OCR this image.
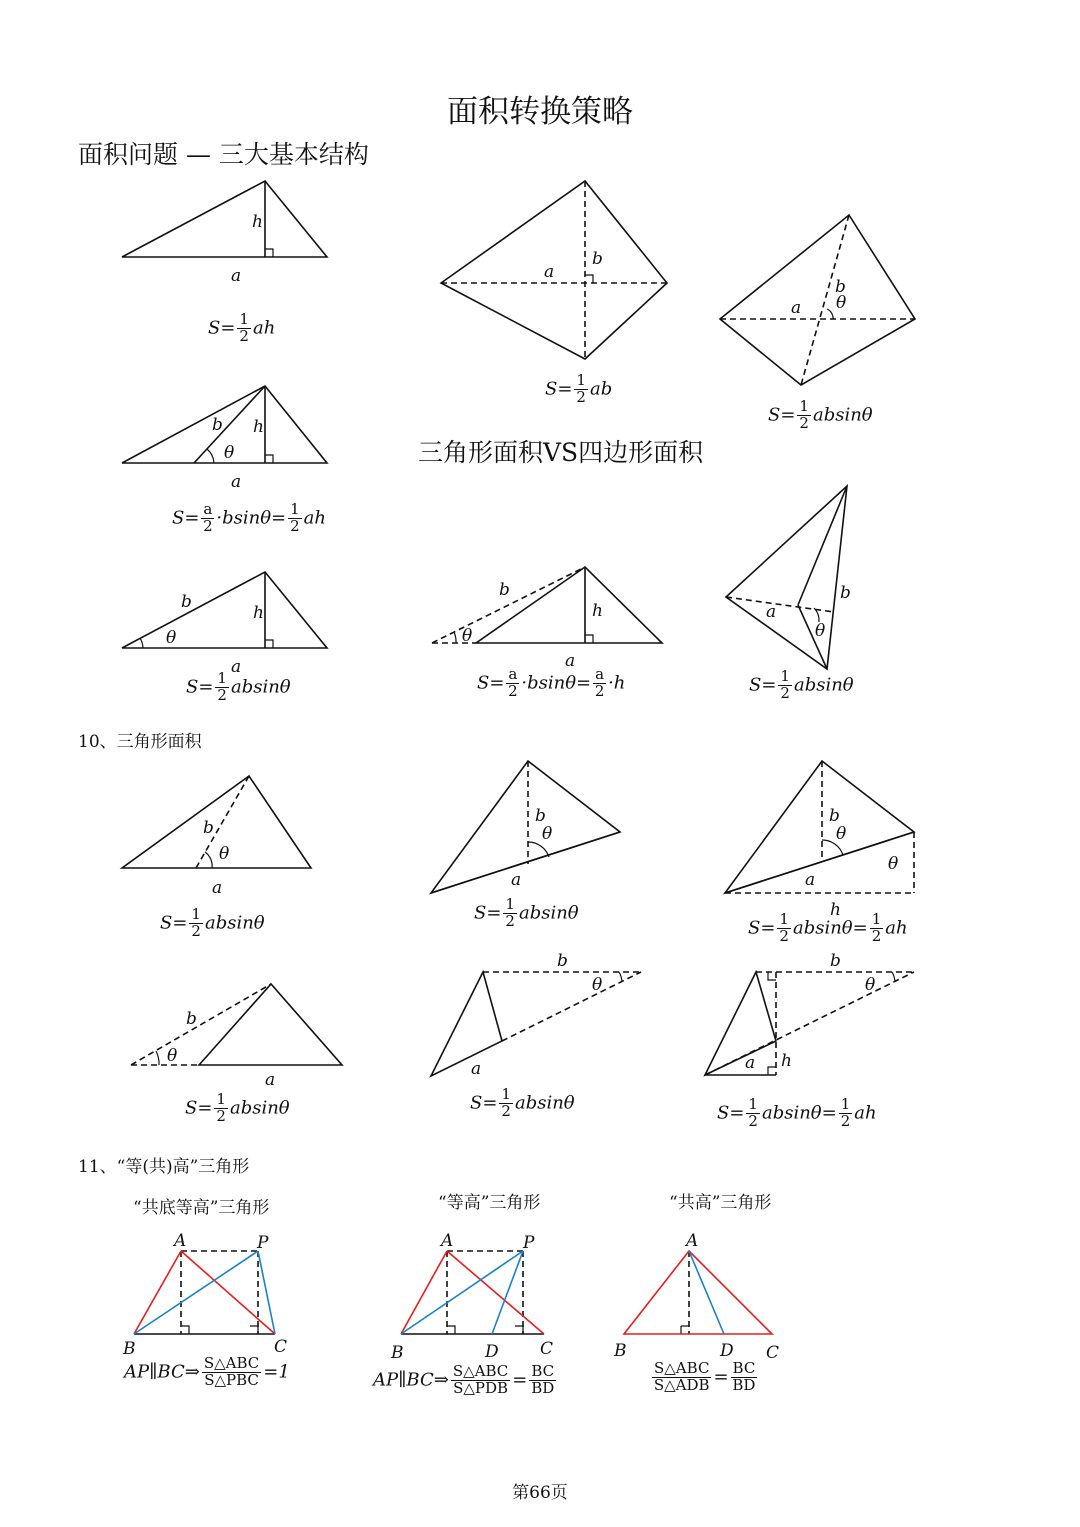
面积转换策略
面积问题 — 三大基本结构
三角形面积VS四边形面积
10、三角形面积
11、“等(共)高”三角形
“共底等高”三角形	“等高”三角形	“共高”三角形
$S= \frac{1}{2}$ ah
$S= \frac{1}{2}$ ab
$S= \frac{1}{2}$ absinθ
$S= \frac{a}{2} \cdot bsin\theta= \frac{1}{2}$ ah
$S= \frac{1}{2}$ absinθ	$S= \frac{a}{2} \cdot bsin\theta= \frac{a}{2} \cdot h$	$S= \frac{1}{2}$ absinθ
$S= \frac{1}{2}$ absinθ	$S= \frac{1}{2}$ absinθ
$S= \frac{1}{2} absin\theta= \frac{1}{2}$ ah
$S= \frac{1}{2}$ absinθ	$S= \frac{1}{2}$ absinθ	$S= \frac{1}{2} absin\theta= \frac{1}{2}$ ah
AP∥BC⇒ $\frac{\text{S△ABC}}{\text{S△PBC}} =1$	AP∥BC⇒ $\frac{\text{S△ABC}}{\text{S△PDB}} = \frac{BC}{BD}$	$\frac{\text{S△ABC}}{\text{S△ADB}} = \frac{BC}{BD}$
第66页
h
a	a
b
a
b
θ
b h
θ
a
b
h
θ
a
b
h
θ
a
a
b
θ
b
θ
a
b
θ
a
b
θ
θ
a
h
b
θ
a
b
θ
a
b
θ
a h
A	P
B	C
A	P
B	D C
A
B	D C
